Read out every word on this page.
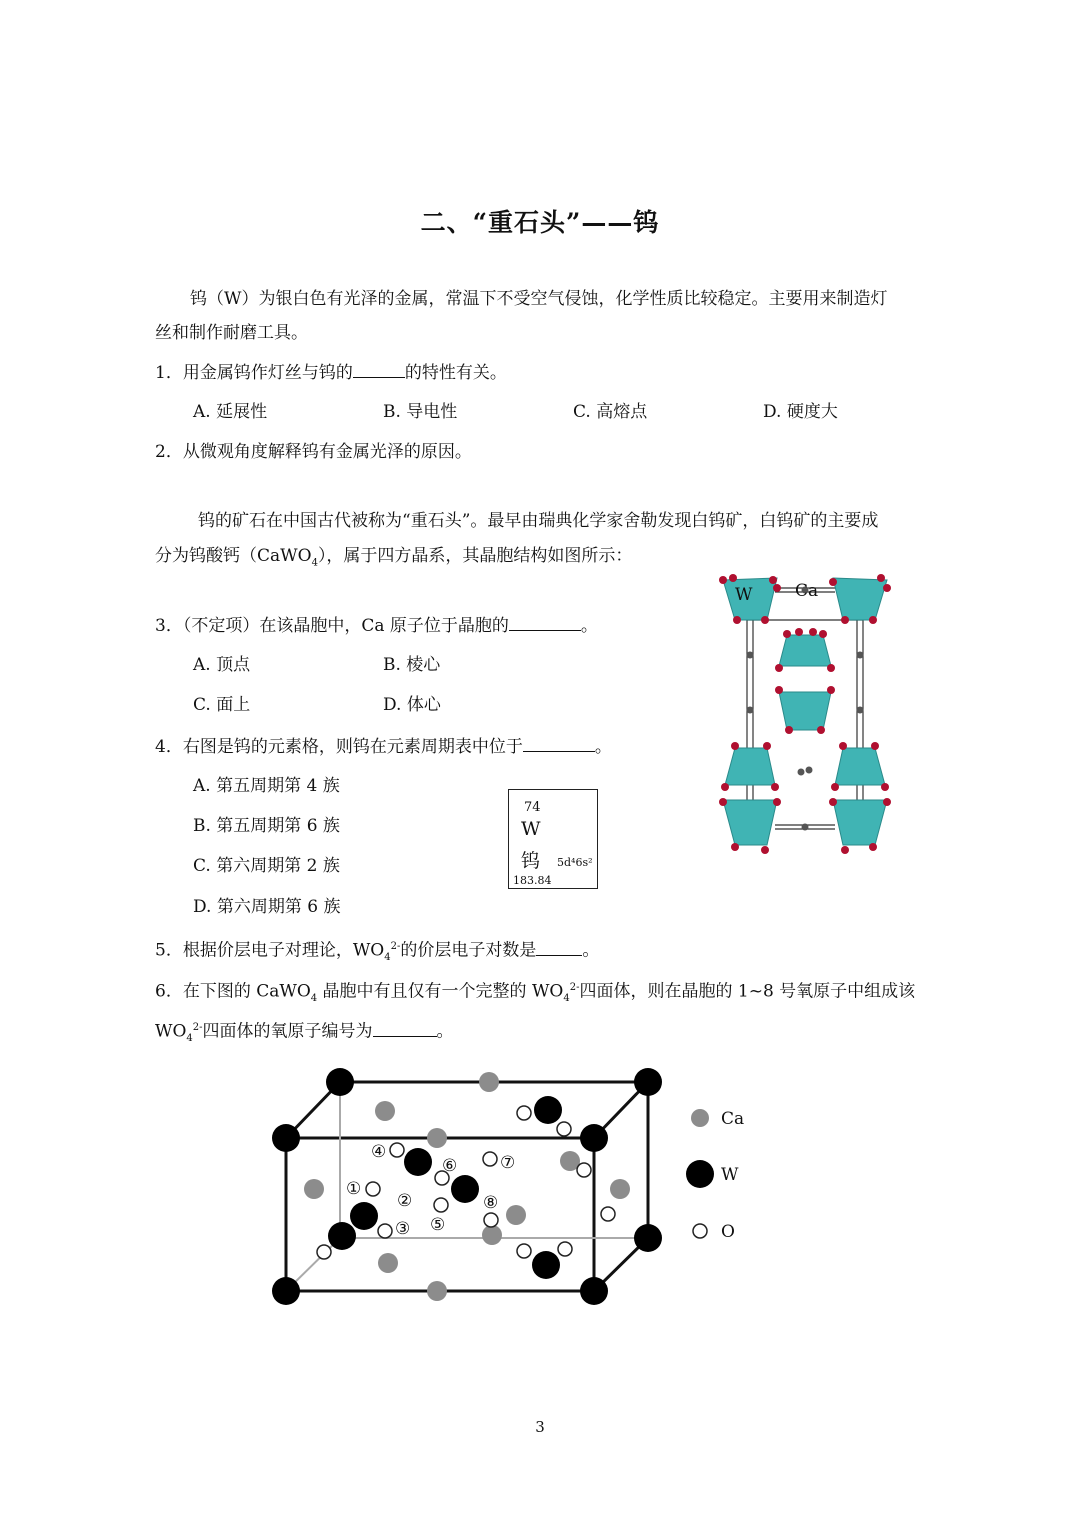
二、“重石头”——钨
钨（W）为银白色有光泽的金属，常温下不受空气侵蚀，化学性质比较稳定。主要用来制造灯
丝和制作耐磨工具。
1．用金属钨作灯丝与钨的	的特性有关。
A. 延展性	B. 导电性	C. 高熔点	D. 硬度大
2．从微观角度解释钨有金属光泽的原因。
钨的矿石在中国古代被称为“重石头”。最早由瑞典化学家舍勒发现白钨矿，白钨矿的主要成
分为钨酸钙（CaWO$_4$），属于四方晶系，其晶胞结构如图所示：
3．（不定项）在该晶胞中，Ca 原子位于晶胞的	。
A. 顶点	B. 棱心
C. 面上	D. 体心
4．右图是钨的元素格，则钨在元素周期表中位于	。
A. 第五周期第 4 族
B. 第五周期第 6 族
C. 第六周期第 2 族
D. 第六周期第 6 族
74
W
钨 5d⁴6s²
183.84
5．根据价层电子对理论，$WO_4^{2-}$的价层电子对数是	。
6．在下图的 CaWO$_4$ 晶胞中有且仅有一个完整的 $WO_4^{2-}$四面体，则在晶胞的 1~8 号氧原子中组成该
$WO_4^{2-}$四面体的氧原子编号为	。
W	Ca
①
②
③
④
⑤
⑥	⑦
⑧
Ca
W
O
3
